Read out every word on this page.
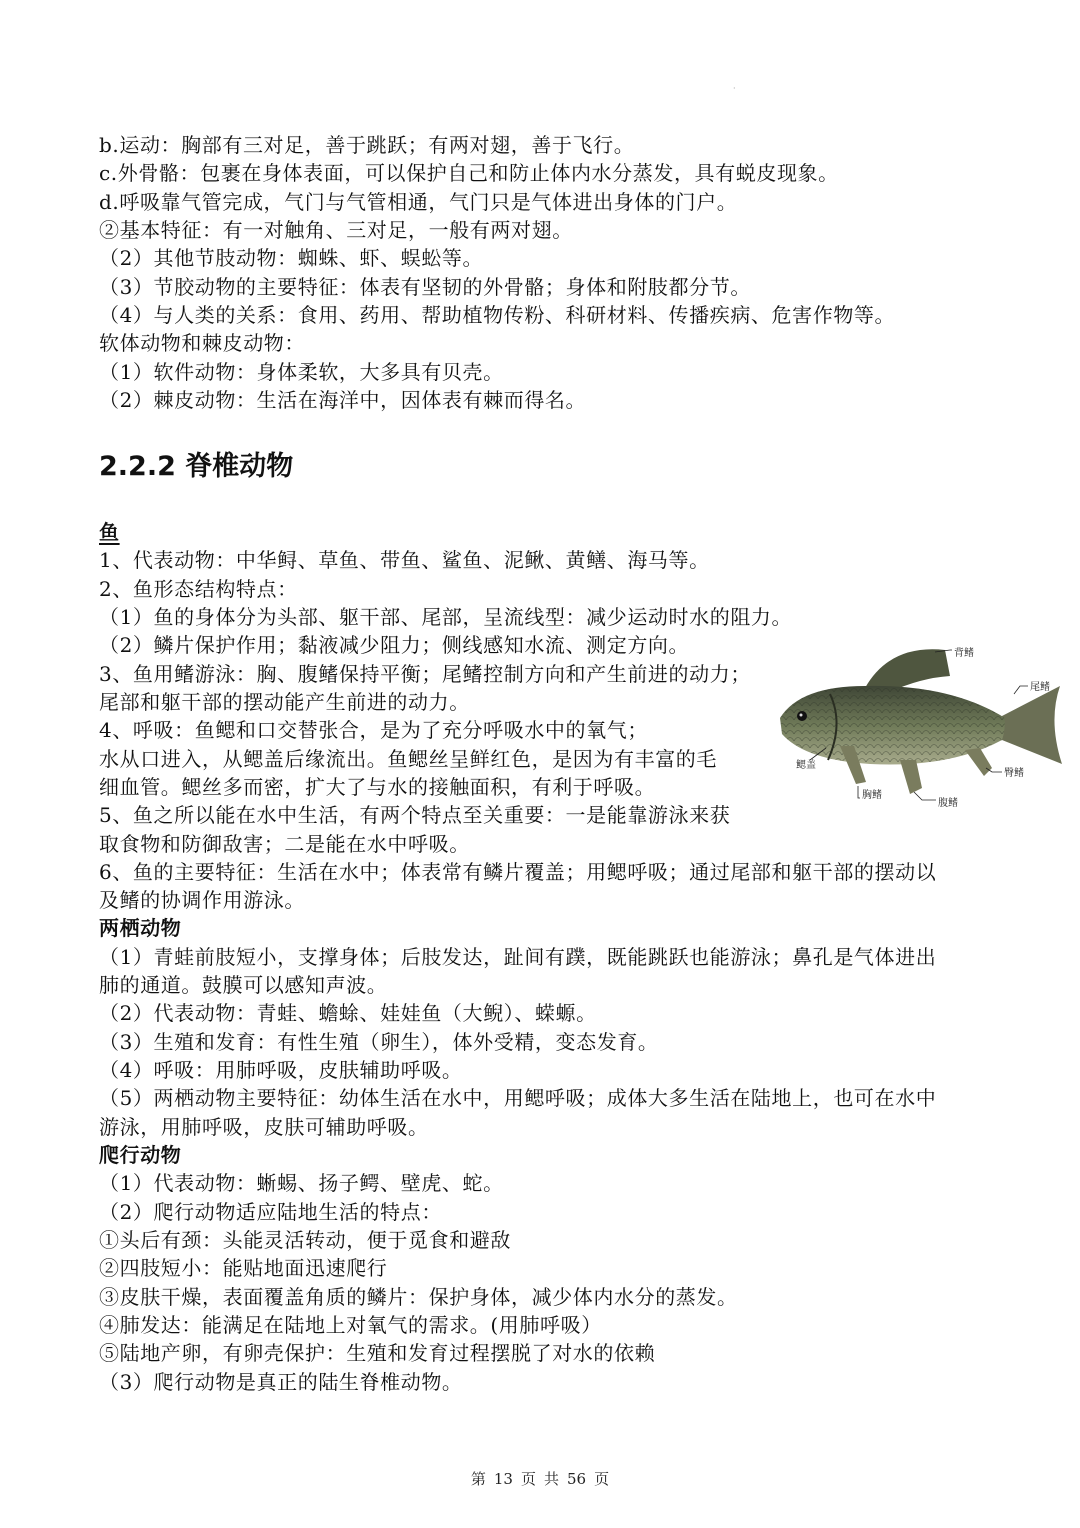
·

b.运动：胸部有三对足，善于跳跃；有两对翅，善于飞行。

c.外骨骼：包裹在身体表面，可以保护自己和防止体内水分蒸发，具有蜕皮现象。

d.呼吸靠气管完成，气门与气管相通，气门只是气体进出身体的门户。

②基本特征：有一对触角、三对足，一般有两对翅。

（2）其他节肢动物：蜘蛛、虾、蜈蚣等。

（3）节胶动物的主要特征：体表有坚韧的外骨骼；身体和附肢都分节。

（4）与人类的关系：食用、药用、帮助植物传粉、科研材料、传播疾病、危害作物等。

软体动物和棘皮动物：

（1）软件动物：身体柔软，大多具有贝壳。

（2）棘皮动物：生活在海洋中，因体表有棘而得名。

2.2.2 脊椎动物

鱼

1、代表动物：中华鲟、草鱼、带鱼、鲨鱼、泥鳅、黄鳝、海马等。

2、鱼形态结构特点：

（1）鱼的身体分为头部、躯干部、尾部，呈流线型：减少运动时水的阻力。

（2）鳞片保护作用；黏液减少阻力；侧线感知水流、测定方向。

3、鱼用鳍游泳：胸、腹鳍保持平衡；尾鳍控制方向和产生前进的动力；

尾部和躯干部的摆动能产生前进的动力。

4、呼吸：鱼鳃和口交替张合，是为了充分呼吸水中的氧气；

水从口进入，从鳃盖后缘流出。鱼鳃丝呈鲜红色，是因为有丰富的毛

细血管。鳃丝多而密，扩大了与水的接触面积，有利于呼吸。

5、鱼之所以能在水中生活，有两个特点至关重要：一是能靠游泳来获

取食物和防御敌害；二是能在水中呼吸。

6、鱼的主要特征：生活在水中；体表常有鳞片覆盖；用鳃呼吸；通过尾部和躯干部的摆动以

及鳍的协调作用游泳。

背鳍
尾鳍
鳃盖
臀鳍
胸鳍
腹鳍

两栖动物

（1）青蛙前肢短小，支撑身体；后肢发达，趾间有蹼，既能跳跃也能游泳；鼻孔是气体进出

肺的通道。鼓膜可以感知声波。

（2）代表动物：青蛙、蟾蜍、娃娃鱼（大鲵）、蝾螈。

（3）生殖和发育：有性生殖（卵生），体外受精，变态发育。

（4）呼吸：用肺呼吸，皮肤辅助呼吸。

（5）两栖动物主要特征：幼体生活在水中，用鳃呼吸；成体大多生活在陆地上，也可在水中

游泳，用肺呼吸，皮肤可辅助呼吸。

爬行动物

（1）代表动物：蜥蜴、扬子鳄、壁虎、蛇。

（2）爬行动物适应陆地生活的特点：

①头后有颈：头能灵活转动，便于觅食和避敌

②四肢短小：能贴地面迅速爬行

③皮肤干燥，表面覆盖角质的鳞片：保护身体，减少体内水分的蒸发。

④肺发达：能满足在陆地上对氧气的需求。(用肺呼吸）

⑤陆地产卵，有卵壳保护：生殖和发育过程摆脱了对水的依赖

（3）爬行动物是真正的陆生脊椎动物。

第 13 页 共 56 页
